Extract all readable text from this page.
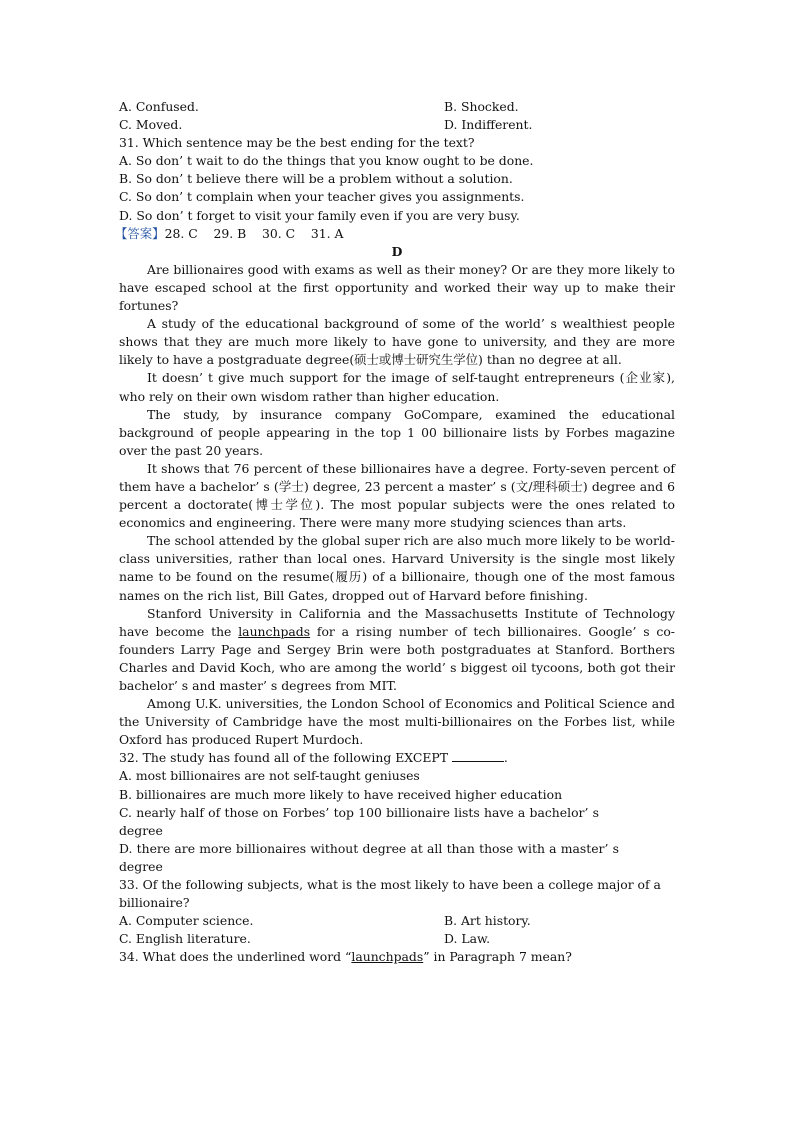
A. Confused.	B. Shocked.
C. Moved.	D. Indifferent.
31. Which sentence may be the best ending for the text?
A. So don’ t wait to do the things that you know ought to be done.
B. So don’ t believe there will be a problem without a solution.
C. So don’ t complain when your teacher gives you assignments.
D. So don’ t forget to visit your family even if you are very busy.
【答案】28. C    29. B    30. C    31. A
D
Are billionaires good with exams as well as their money? Or are they more likely to have escaped school at the first opportunity and worked their way up to make their fortunes?
A study of the educational background of some of the world’ s wealthiest people shows that they are much more likely to have gone to university, and they are more likely to have a postgraduate degree(硕士或博士研究生学位) than no degree at all.
It doesn’ t give much support for the image of self-taught entrepreneurs (企业家), who rely on their own wisdom rather than higher education.
The study, by insurance company GoCompare, examined the educational background of people appearing in the top 1 00 billionaire lists by Forbes magazine over the past 20 years.
It shows that 76 percent of these billionaires have a degree. Forty-seven percent of them have a bachelor’ s (学士) degree, 23 percent a master’ s (文/理科硕士) degree and 6 percent a doctorate(博士学位). The most popular subjects were the ones related to economics and engineering. There were many more studying sciences than arts.
The school attended by the global super rich are also much more likely to be world-class universities, rather than local ones. Harvard University is the single most likely name to be found on the resume(履历) of a billionaire, though one of the most famous names on the rich list, Bill Gates, dropped out of Harvard before finishing.
Stanford University in California and the Massachusetts Institute of Technology have become the launchpads for a rising number of tech billionaires. Google’ s co-founders Larry Page and Sergey Brin were both postgraduates at Stanford. Borthers Charles and David Koch, who are among the world’ s biggest oil tycoons, both got their bachelor’ s and master’ s degrees from MIT.
Among U.K. universities, the London School of Economics and Political Science and the University of Cambridge have the most multi-billionaires on the Forbes list, while Oxford has produced Rupert Murdoch.
32. The study has found all of the following EXCEPT	.
A. most billionaires are not self-taught geniuses
B. billionaires are much more likely to have received higher education
C. nearly half of those on Forbes’ top 100 billionaire lists have a bachelor’ s degree
D. there are more billionaires without degree at all than those with a master’ s degree
33. Of the following subjects, what is the most likely to have been a college major of a billionaire?
A. Computer science.	B. Art history.
C. English literature.	D. Law.
34. What does the underlined word “launchpads” in Paragraph 7 mean?
